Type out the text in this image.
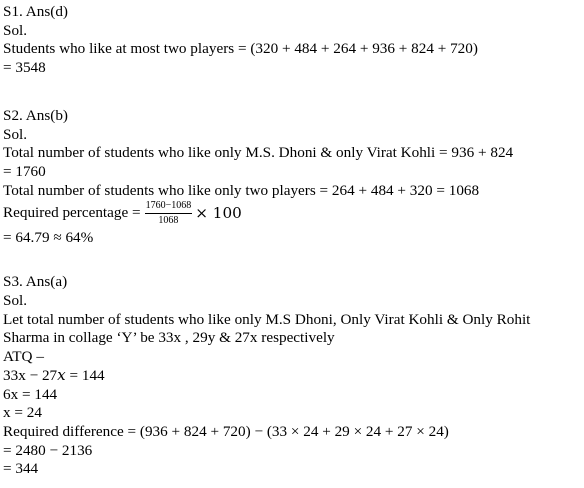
S1. Ans(d)
Sol.
Students who like at most two players = (320 + 484 + 264 + 936 + 824 + 720)
= 3548
S2. Ans(b)
Sol.
Total number of students who like only M.S. Dhoni & only Virat Kohli = 936 + 824
= 1760
Total number of students who like only two players = 264 + 484 + 320 = 1068
Required percentage = $\frac{1760-1068}{1068} \times 100$
= 64.79 ≈ 64%
S3. Ans(a)
Sol.
Let total number of students who like only M.S Dhoni, Only Virat Kohli & Only Rohit
Sharma in collage ‘Y’ be 33x , 29y & 27x respectively
ATQ –
33x − 27𝑥 = 144
6x = 144
x = 24
Required difference = (936 + 824 + 720) − (33 × 24 + 29 × 24 + 27 × 24)
= 2480 − 2136
= 344
